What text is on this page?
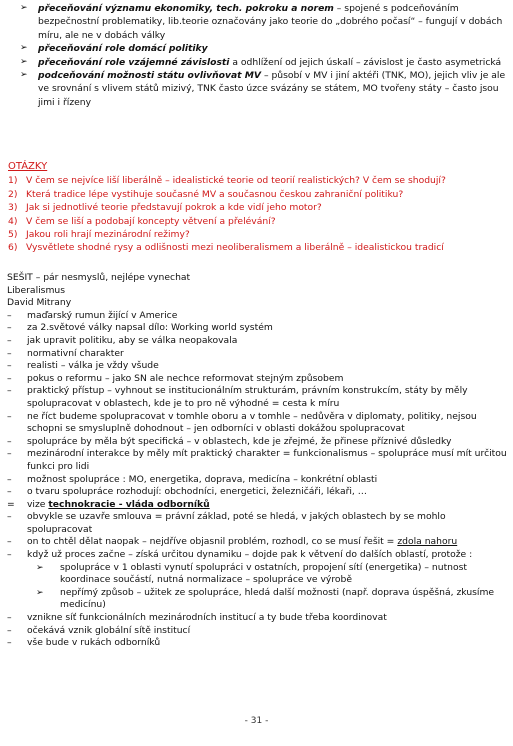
➢	přeceňování významu ekonomiky, tech. pokroku a norem – spojené s podceňováním bezpečnostní problematiky, lib.teorie označovány jako teorie do „dobrého počasí“ – fungují v dobách míru, ale ne v dobách války
➢	přeceňování role domácí politiky
➢	přeceňování role vzájemné závislosti a odhlížení od jejich úskalí – závislost je často asymetrická
➢	podceňování možnosti státu ovlivňovat MV – působí v MV i jiní aktéři (TNK, MO), jejich vliv je ale ve srovnání s vlivem států mizivý, TNK často úzce svázány se státem, MO tvořeny státy – často jsou jimi i řízeny
OTÁZKY
1) V čem se nejvíce liší liberálně – idealistické teorie od teorií realistických? V čem se shodují?
2) Která tradice lépe vystihuje současné MV a současnou českou zahraniční politiku?
3) Jak si jednotlivé teorie představují pokrok a kde vidí jeho motor?
4) V čem se liší a podobají koncepty větvení a přelévání?
5) Jakou roli hrají mezinárodní režimy?
6) Vysvětlete shodné rysy a odlišnosti mezi neoliberalismem a liberálně – idealistickou tradicí
SEŠIT – pár nesmyslů, nejlépe vynechat
Liberalismus
David Mitrany
–	maďarský rumun žijící v Americe
–	za 2.světové války napsal dílo: Working world systém
–	jak upravit politiku, aby se válka neopakovala
–	normativní charakter
–	realisti – válka je vždy všude
–	pokus o reformu – jako SN ale nechce reformovat stejným způsobem
–	praktický přístup – vyhnout se institucionálním strukturám, právním konstrukcím, státy by měly spolupracovat v oblastech, kde je to pro ně výhodné = cesta k míru
–	ne říct budeme spolupracovat v tomhle oboru a v tomhle – nedůvěra v diplomaty, politiky, nejsou schopni se smysluplně dohodnout – jen odborníci v oblasti dokážou spolupracovat
–	spolupráce by měla být specifická – v oblastech, kde je zřejmé, že přinese příznivé důsledky
–	mezinárodní interakce by měly mít praktický charakter = funkcionalismus – spolupráce musí mít určitou funkci pro lidi
–	možnost spolupráce : MO, energetika, doprava, medicína – konkrétní oblasti
–	o tvaru spolupráce rozhodují: obchodníci, energetici, železničáři, lékaři, …
=	vize technokracie - vláda odborníků
–	obvykle se uzavře smlouva = právní základ, poté se hledá, v jakých oblastech by se mohlo spolupracovat
–	on to chtěl dělat naopak – nejdříve objasnil problém, rozhodl, co se musí řešit = zdola nahoru
–	když už proces začne – získá určitou dynamiku – dojde pak k větvení do dalších oblastí, protože :
➢	spolupráce v 1 oblasti vynutí spolupráci v ostatních, propojení sítí (energetika) – nutnost koordinace součástí, nutná normalizace – spolupráce ve výrobě
➢	nepřímý způsob – užitek ze spolupráce, hledá další možnosti (např. doprava úspěšná, zkusíme medicínu)
–	vznikne síť funkcionálních mezinárodních institucí a ty bude třeba koordinovat
–	očekává vznik globální sítě institucí
–	vše bude v rukách odborníků
- 31 -
